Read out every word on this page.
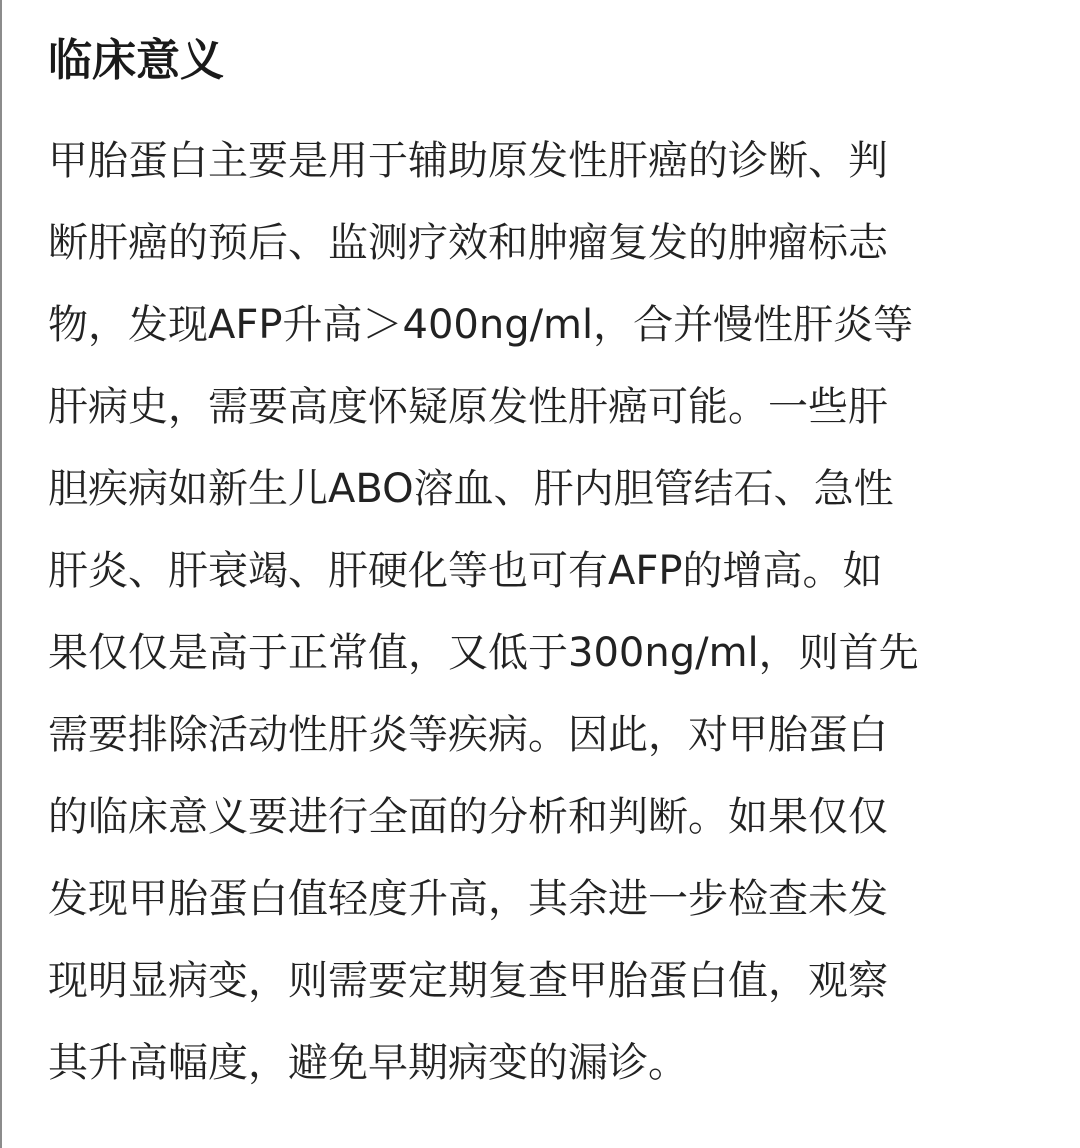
临床意义
甲胎蛋白主要是用于辅助原发性肝癌的诊断、判
断肝癌的预后、监测疗效和肿瘤复发的肿瘤标志
物，发现AFP升高＞400ng/ml，合并慢性肝炎等
肝病史，需要高度怀疑原发性肝癌可能。一些肝
胆疾病如新生儿ABO溶血、肝内胆管结石、急性
肝炎、肝衰竭、肝硬化等也可有AFP的增高。如
果仅仅是高于正常值，又低于300ng/ml，则首先
需要排除活动性肝炎等疾病。因此，对甲胎蛋白
的临床意义要进行全面的分析和判断。如果仅仅
发现甲胎蛋白值轻度升高，其余进一步检查未发
现明显病变，则需要定期复查甲胎蛋白值，观察
其升高幅度，避免早期病变的漏诊。
